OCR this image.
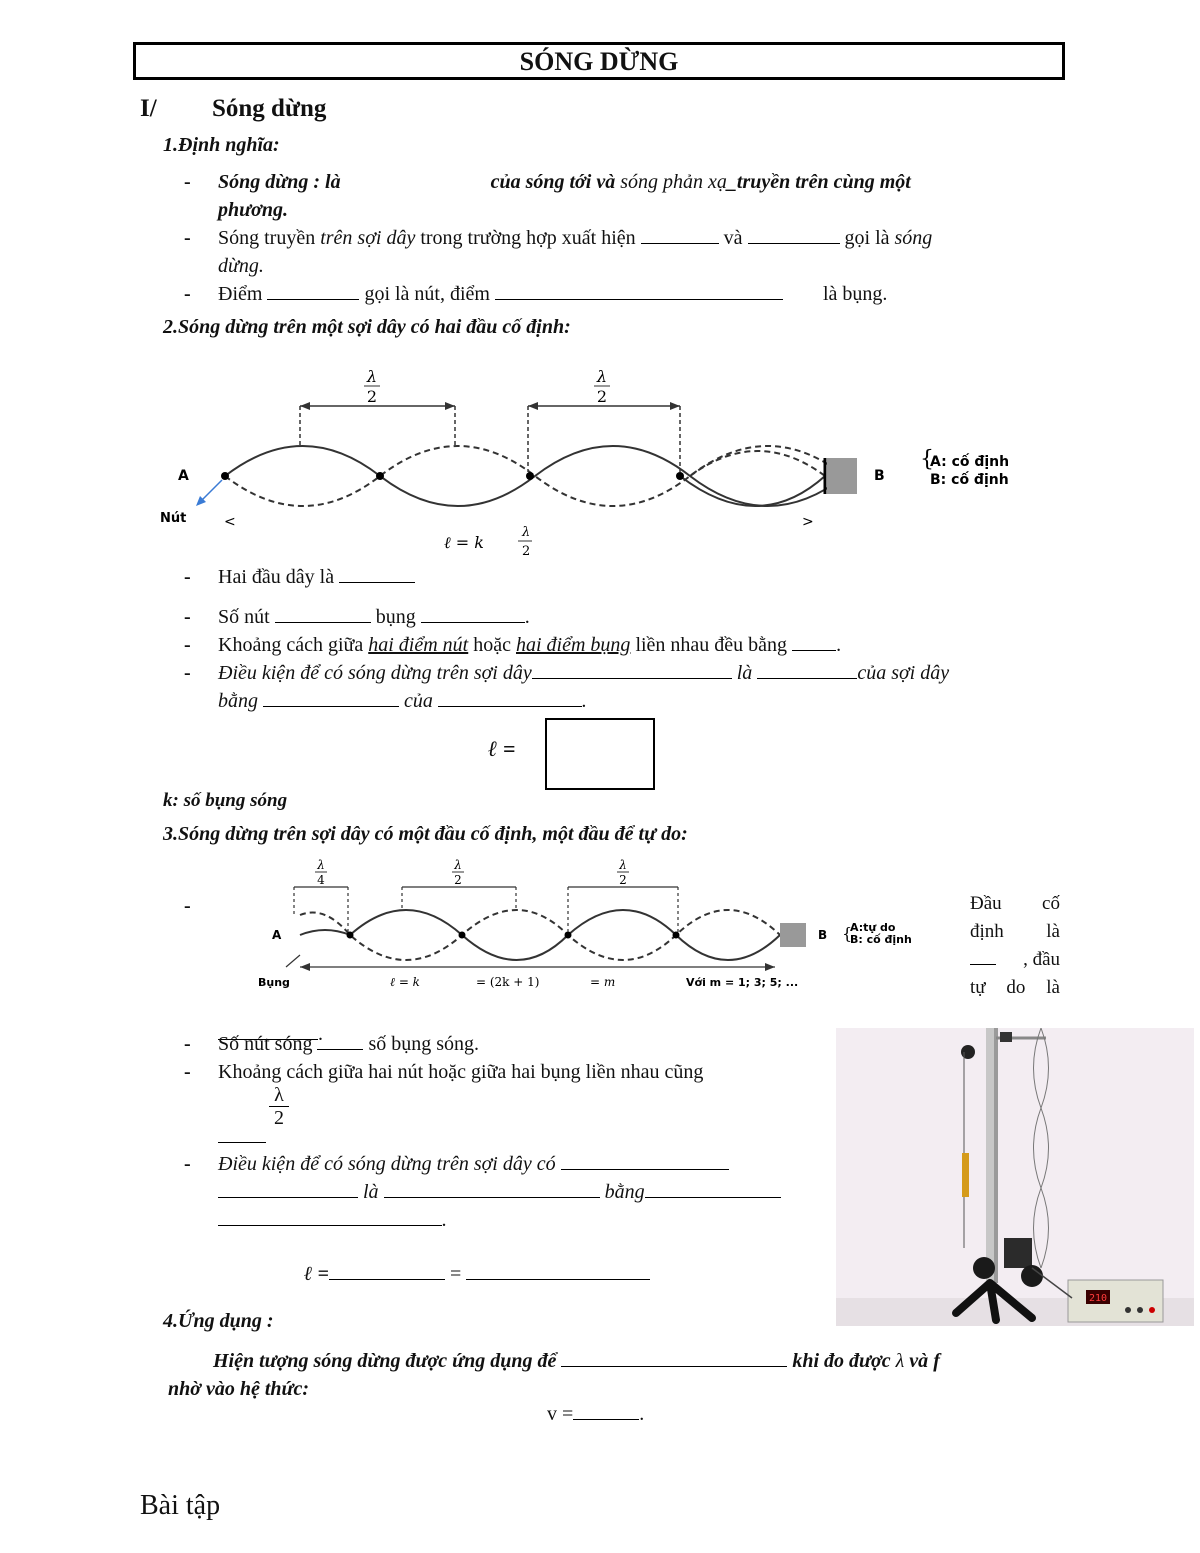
SÓNG DỪNG
I/ Sóng dừng
1.Định nghĩa:
- Sóng dừng : là	của sóng tới và sóng phản xạ_truyền trên cùng một
phương.
- Sóng truyền trên sợi dây trong trường hợp xuất hiện	và	gọi là sóng
dừng.
- Điểm	gọi là nút, điểm	là bụng.
2.Sóng dừng trên một sợi dây có hai đầu cố định:
λ
2
λ
2
A
Nút	<	>
B
{
A: cố định
B: cố định
ℓ = k
λ
2
- Hai đầu dây là
- Số nút	bụng	.
- Khoảng cách giữa hai điểm nút hoặc hai điểm bụng liền nhau đều bằng .
- Điều kiện để có sóng dừng trên sợi dây	là	của sợi dây
bằng	của	.
ℓ =
k: số bụng sóng
3.Sóng dừng trên sợi dây có một đầu cố định, một đầu để tự do:
-
λ
4
λ
2
λ
2
A	B {
A:tự do
B: cố định
Bụng	ℓ = k	= (2k + 1)	= m	Với m = 1; 3; 5; ...
Đầu cố
định là
, đầu
tự do là
.
- Số nút sóng	số bụng sóng.
- Khoảng cách giữa hai nút hoặc giữa hai bụng liền nhau cũng
λ
2
- Điều kiện để có sóng dừng trên sợi dây có
là	bằng
.
ℓ =	=
210
4.Ứng dụng :
Hiện tượng sóng dừng được ứng dụng để	khi đo được λ và f
nhờ vào hệ thức:
v =	.
Bài tập
